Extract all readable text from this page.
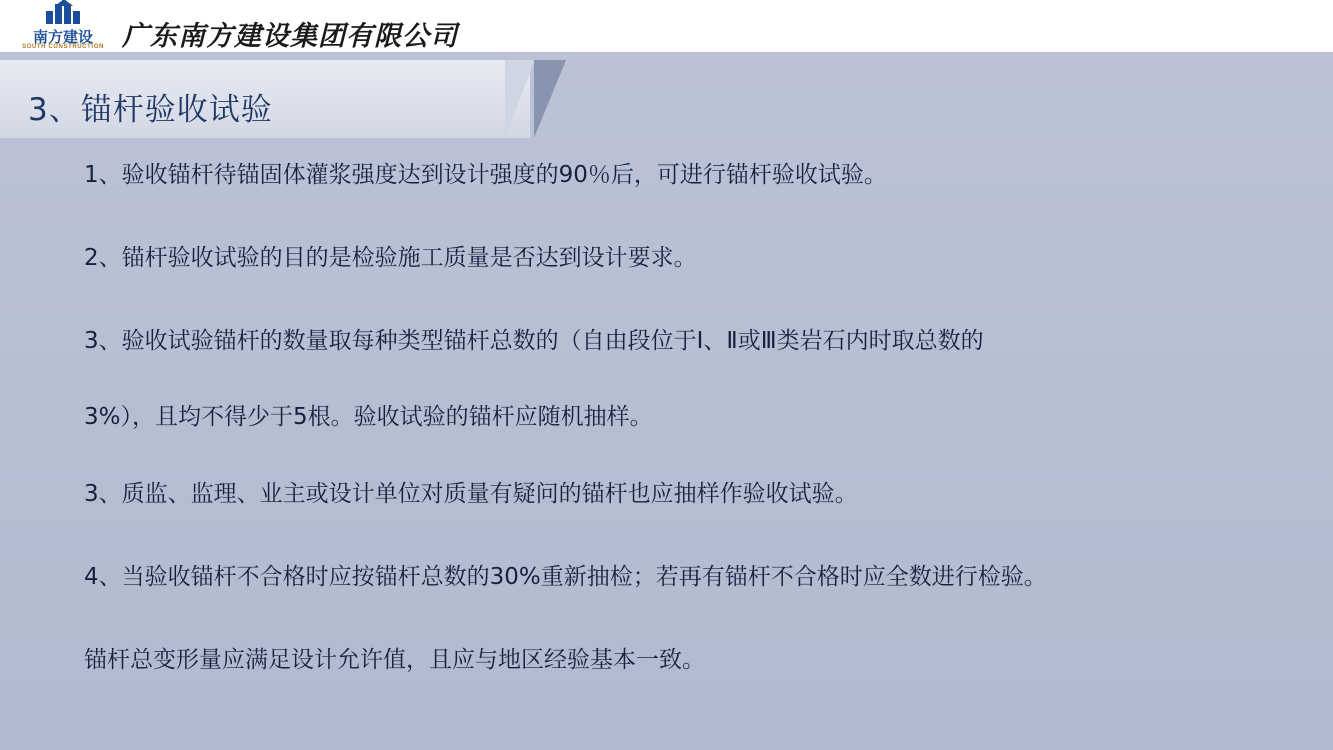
南方建设
SOUTH CONSTRUCTION 广东南方建设集团有限公司
3、锚杆验收试验
1、验收锚杆待锚固体灌浆强度达到设计强度的90％后，可进行锚杆验收试验。
2、锚杆验收试验的目的是检验施工质量是否达到设计要求。
3、验收试验锚杆的数量取每种类型锚杆总数的（自由段位于Ⅰ、Ⅱ或Ⅲ类岩石内时取总数的
3%），且均不得少于5根。验收试验的锚杆应随机抽样。
3、质监、监理、业主或设计单位对质量有疑问的锚杆也应抽样作验收试验。
4、当验收锚杆不合格时应按锚杆总数的30%重新抽检；若再有锚杆不合格时应全数进行检验。
锚杆总变形量应满足设计允许值，且应与地区经验基本一致。
